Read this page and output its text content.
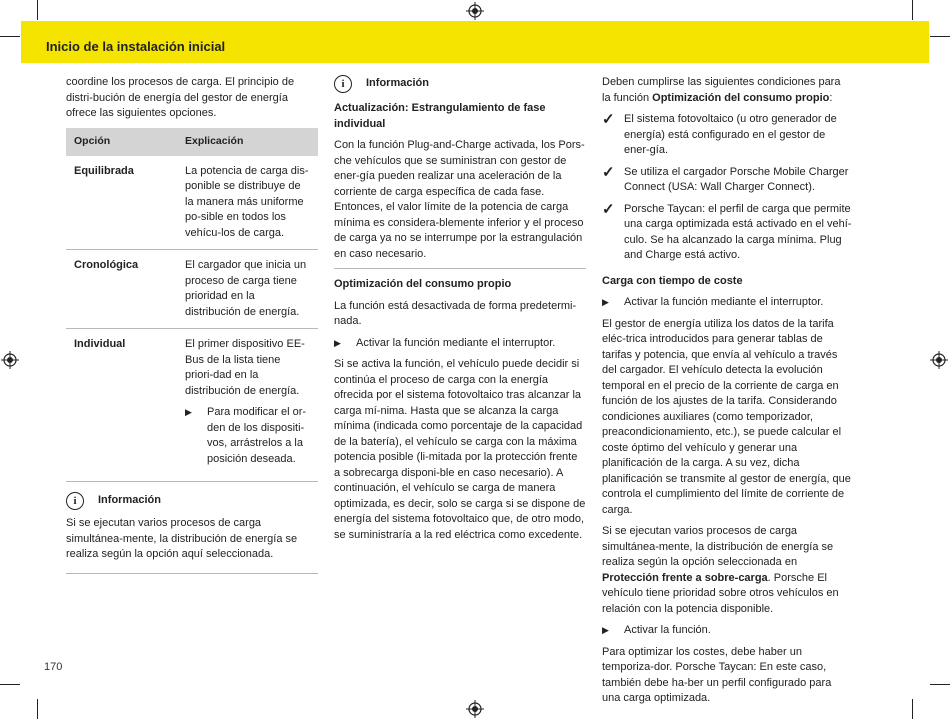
Inicio de la instalación inicial

coordine los procesos de carga. El principio de distri-bución de energía del gestor de energía ofrece las siguientes opciones.

Opción	Explicación
Equilibrada	La potencia de carga dis-ponible se distribuye de la manera más uniforme po-sible en todos los vehícu-los de carga.
Cronológica	El cargador que inicia un proceso de carga tiene prioridad en la distribución de energía.
Individual	El primer dispositivo EE-Bus de la lista tiene priori-dad en la distribución de energía.
▶ Para modificar el or-den de los dispositi-vos, arrástrelos a la posición deseada.
i	Información

Si se ejecutan varios procesos de carga simultánea-mente, la distribución de energía se realiza según la opción aquí seleccionada.

i	Información
Actualización: Estrangulamiento de fase individual

Con la función Plug-and-Charge activada, los Pors-che vehículos que se suministran con gestor de ener-gía pueden realizar una aceleración de la corriente de carga específica de cada fase. Entonces, el valor límite de la potencia de carga mínima es considera-blemente inferior y el proceso de carga ya no se interrumpe por la estrangulación en caso necesario.

Optimización del consumo propio

La función está desactivada de forma predetermi-nada.

▶	Activar la función mediante el interruptor.

Si se activa la función, el vehículo puede decidir si continúa el proceso de carga con la energía ofrecida por el sistema fotovoltaico tras alcanzar la carga mí-nima. Hasta que se alcanza la carga mínima (indicada como porcentaje de la capacidad de la batería), el vehículo se carga con la máxima potencia posible (li-mitada por la protección frente a sobrecarga disponi-ble en caso necesario). A continuación, el vehículo se carga de manera optimizada, es decir, solo se carga si se dispone de energía del sistema fotovoltaico que, de otro modo, se suministraría a la red eléctrica como excedente.

Deben cumplirse las siguientes condiciones para la función Optimización del consumo propio:

✓ El sistema fotovoltaico (u otro generador de energía) está configurado en el gestor de ener-gía.
✓ Se utiliza el cargador Porsche Mobile Charger Connect (USA: Wall Charger Connect).
✓ Porsche Taycan: el perfil de carga que permite una carga optimizada está activado en el vehí-culo. Se ha alcanzado la carga mínima. Plug and Charge está activo.
Carga con tiempo de coste
▶	Activar la función mediante el interruptor.

El gestor de energía utiliza los datos de la tarifa eléc-trica introducidos para generar tablas de tarifas y potencia, que envía al vehículo a través del cargador. El vehículo detecta la evolución temporal en el precio de la corriente de carga en función de los ajustes de la tarifa. Considerando condiciones auxiliares (como temporizador, preacondicionamiento, etc.), se puede calcular el coste óptimo del vehículo y generar una planificación de la carga. A su vez, dicha planificación se transmite al gestor de energía, que controla el cumplimiento del límite de corriente de carga.

Si se ejecutan varios procesos de carga simultánea-mente, la distribución de energía se realiza según la opción seleccionada en Protección frente a sobre-carga. Porsche El vehículo tiene prioridad sobre otros vehículos en relación con la potencia disponible.

▶	Activar la función.

Para optimizar los costes, debe haber un temporiza-dor. Porsche Taycan: En este caso, también debe ha-ber un perfil configurado para una carga optimizada.

170
